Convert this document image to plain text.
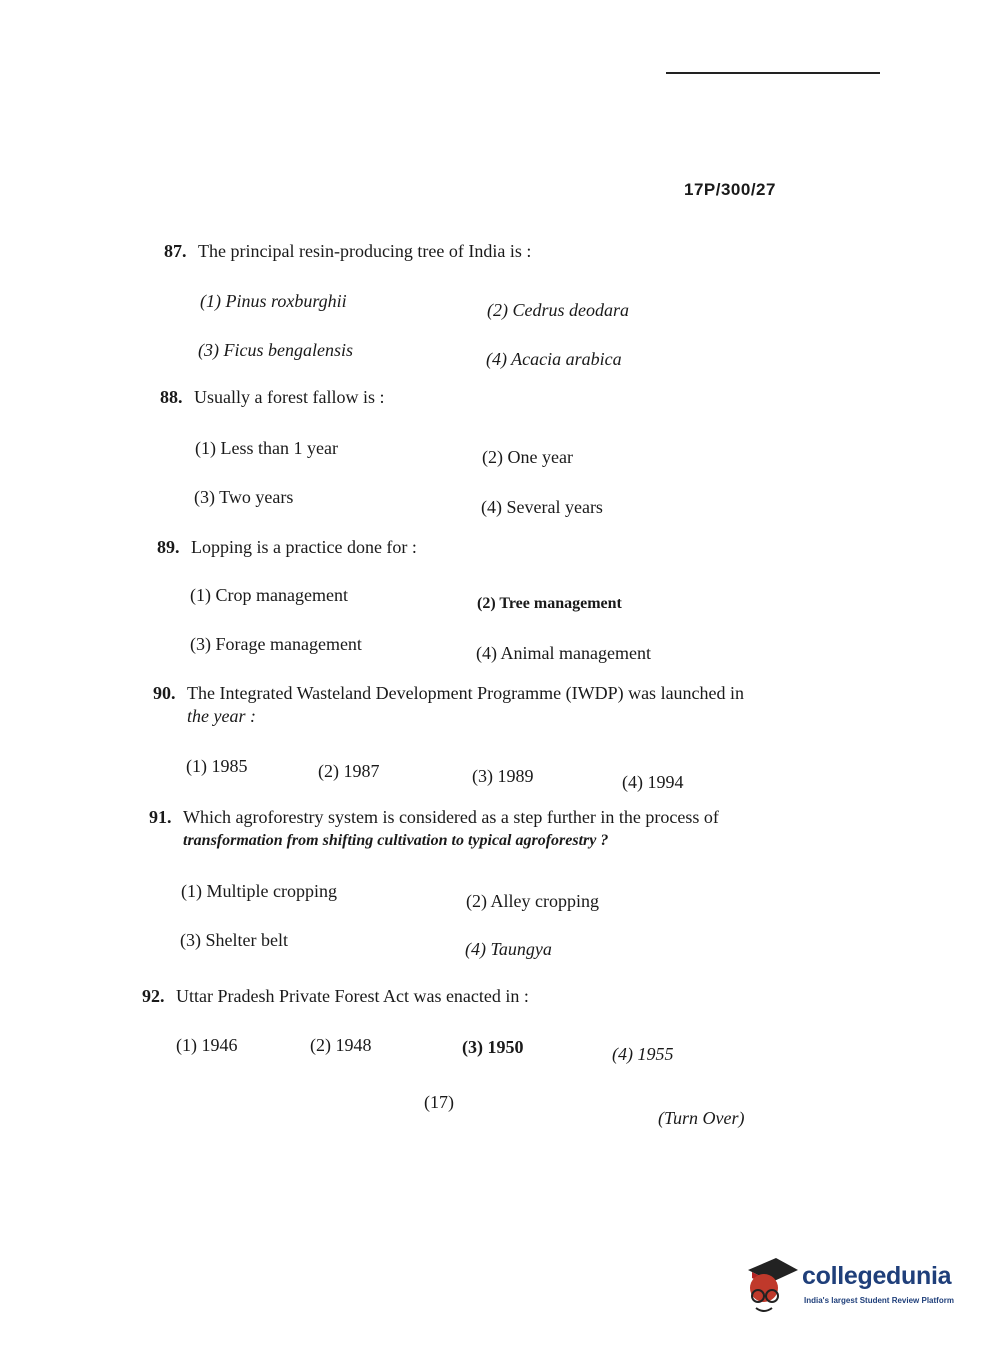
17P/300/27
87. The principal resin-producing tree of India is :
(1) Pinus roxburghii	(2) Cedrus deodara
(3) Ficus bengalensis	(4) Acacia arabica
88. Usually a forest fallow is :
(1) Less than 1 year	(2) One year
(3) Two years	(4) Several years
89. Lopping is a practice done for :
(1) Crop management	(2) Tree management
(3) Forage management	(4) Animal management
90. The Integrated Wasteland Development Programme (IWDP) was launched in
the year :
(1) 1985	(2) 1987	(3) 1989	(4) 1994
91. Which agroforestry system is considered as a step further in the process of
transformation from shifting cultivation to typical agroforestry ?
(1) Multiple cropping	(2) Alley cropping
(3) Shelter belt	(4) Taungya
92. Uttar Pradesh Private Forest Act was enacted in :
(1) 1946	(2) 1948	(3) 1950	(4) 1955
(17)
(Turn Over)
collegedunia
India's largest Student Review Platform
